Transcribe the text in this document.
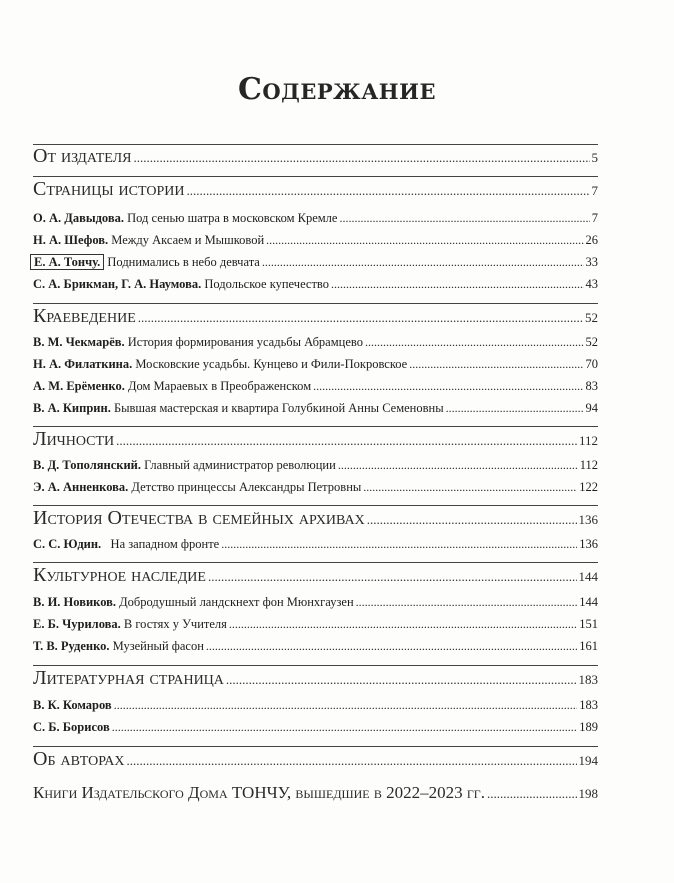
Содержание
От издателя .....	5
Страницы истории .....	7
О. А. Давыдова. Под сенью шатра в московском Кремле .....	7
Н. А. Шефов. Между Аксаем и Мышковой .....	26
Е. А. Тончу. Поднимались в небо девчата .....	33
С. А. Брикман, Г. А. Наумова. Подольское купечество .....	43
Краеведение .....	52
В. М. Чекмарёв. История формирования усадьбы Абрамцево .....	52
Н. А. Филаткина. Московские усадьбы. Кунцево и Фили-Покровское .....	70
А. М. Ерёменко. Дом Мараевых в Преображенском .....	83
В. А. Киприн. Бывшая мастерская и квартира Голубкиной Анны Семеновны .....	94
Личности .....	112
В. Д. Тополянский. Главный администратор революции .....	112
Э. А. Анненкова. Детство принцессы Александры Петровны .....	122
История Отечества в семейных архивах .....	136
С. С. Юдин. На западном фронте .....	136
Культурное наследие .....	144
В. И. Новиков. Добродушный ландскнехт фон Мюнхгаузен .....	144
Е. Б. Чурилова. В гостях у Учителя .....	151
Т. В. Руденко. Музейный фасон .....	161
Литературная страница .....	183
В. К. Комаров .....	183
С. Б. Борисов .....	189
Об авторах .....	194
Книги Издательского Дома ТОНЧУ, вышедшие в 2022–2023 гг. .....	198
